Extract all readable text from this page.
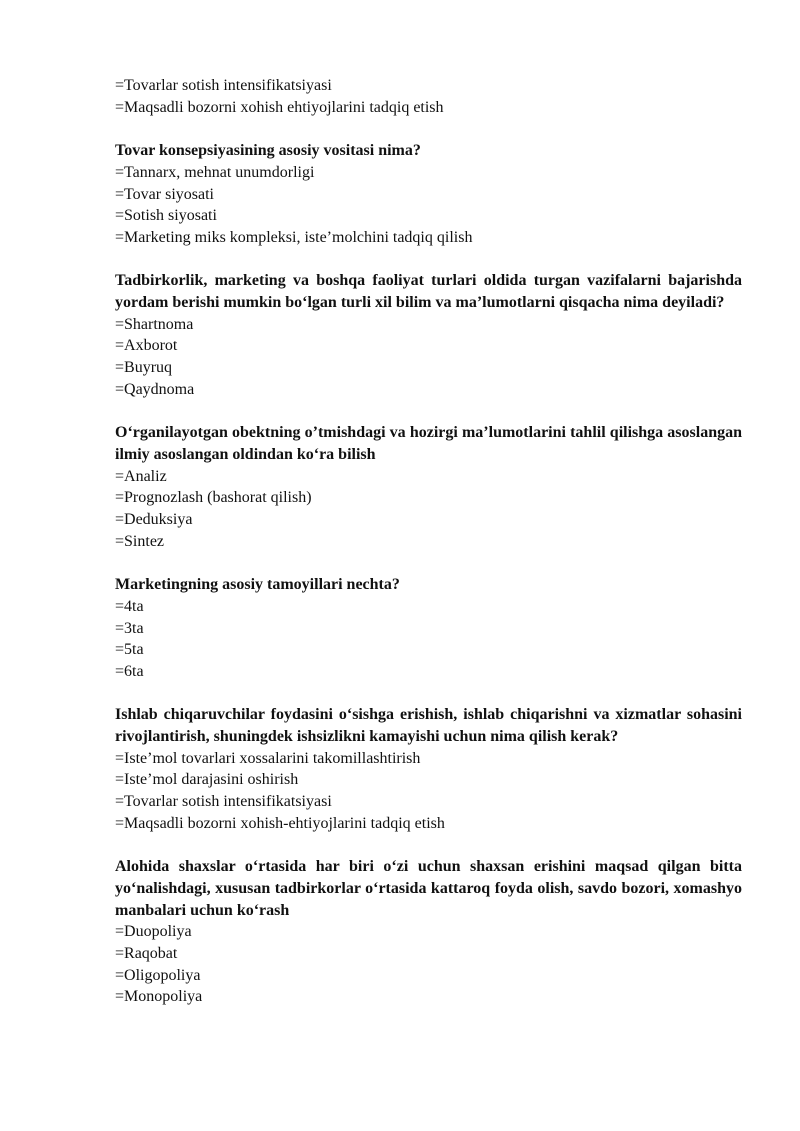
=Tovarlar sotish intensifikatsiyasi

=Maqsadli bozorni xohish ehtiyojlarini tadqiq etish

Tovar konsepsiyasining asosiy vositasi nima?

=Tannarx, mehnat unumdorligi

=Tovar siyosati

=Sotish siyosati

=Marketing miks kompleksi, iste’molchini tadqiq qilish

Tadbirkorlik, marketing va boshqa faoliyat turlari oldida turgan vazifalarni bajarishda yordam berishi mumkin bo‘lgan turli xil bilim va ma’lumotlarni qisqacha nima deyiladi?

=Shartnoma

=Axborot

=Buyruq

=Qaydnoma

O‘rganilayotgan obektning o’tmishdagi va hozirgi ma’lumotlarini tahlil qilishga asoslangan ilmiy asoslangan oldindan ko‘ra bilish

=Analiz

=Prognozlash (bashorat qilish)

=Deduksiya

=Sintez

Marketingning asosiy tamoyillari nechta?

=4ta

=3ta

=5ta

=6ta

Ishlab chiqaruvchilar foydasini o‘sishga erishish, ishlab chiqarishni va xizmatlar sohasini rivojlantirish, shuningdek ishsizlikni kamayishi uchun nima qilish kerak?

=Iste’mol tovarlari xossalarini takomillashtirish

=Iste’mol darajasini oshirish

=Tovarlar sotish intensifikatsiyasi

=Maqsadli bozorni xohish-ehtiyojlarini tadqiq etish

Alohida shaxslar o‘rtasida har biri o‘zi uchun shaxsan erishini maqsad qilgan bitta yo‘nalishdagi, xususan tadbirkorlar o‘rtasida kattaroq foyda olish, savdo bozori, xomashyo manbalari uchun ko‘rash

=Duopoliya

=Raqobat

=Oligopoliya

=Monopoliya
